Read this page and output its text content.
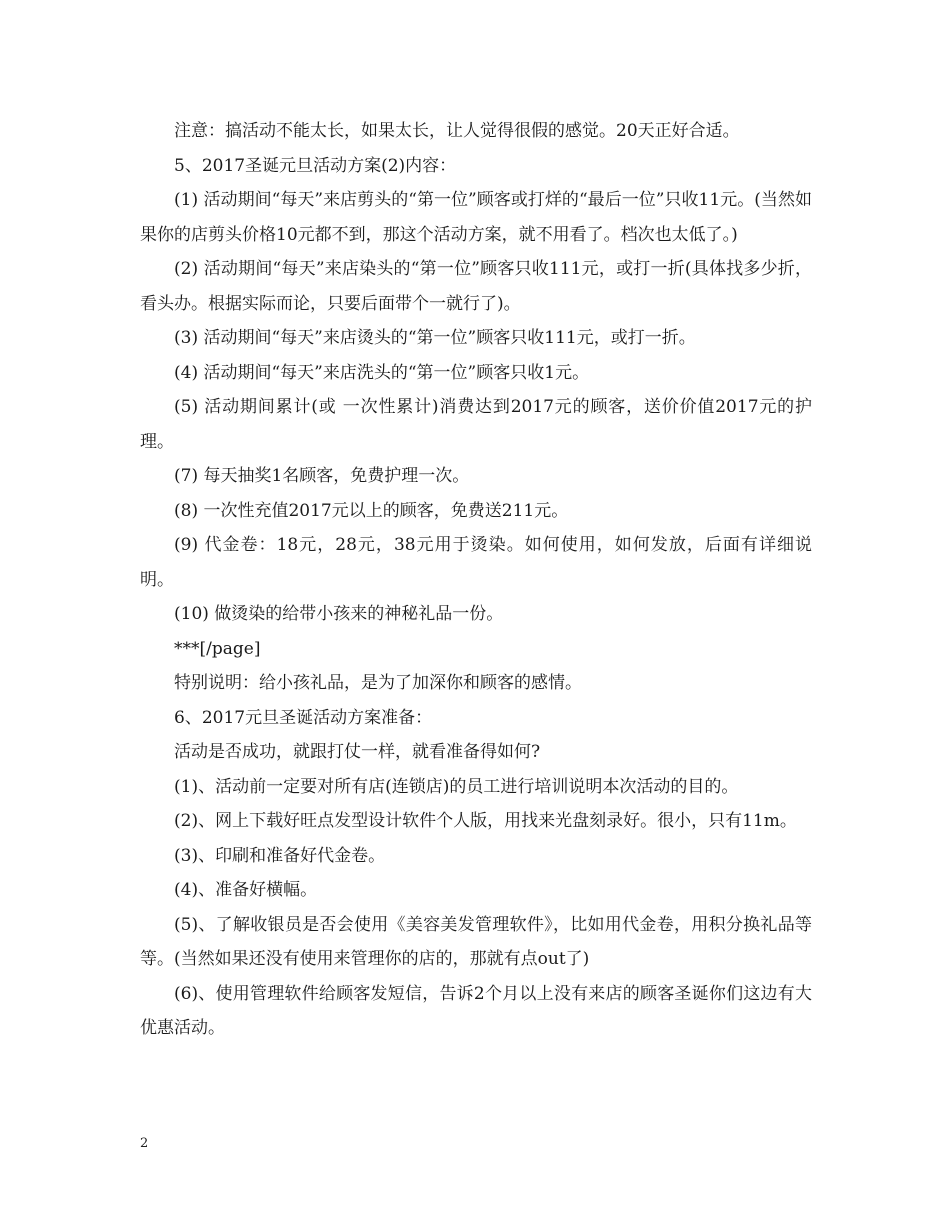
注意：搞活动不能太长，如果太长，让人觉得很假的感觉。20天正好合适。

5、2017圣诞元旦活动方案(2)内容：

(1) 活动期间“每天”来店剪头的“第一位”顾客或打烊的“最后一位”只收11元。(当然如果你的店剪头价格10元都不到，那这个活动方案，就不用看了。档次也太低了。)

(2) 活动期间“每天”来店染头的“第一位”顾客只收111元，或打一折(具体找多少折，看头办。根据实际而论，只要后面带个一就行了)。

(3) 活动期间“每天”来店烫头的“第一位”顾客只收111元，或打一折。

(4) 活动期间“每天”来店洗头的“第一位”顾客只收1元。

(5) 活动期间累计(或 一次性累计)消费达到2017元的顾客，送价价值2017元的护理。

(7) 每天抽奖1名顾客，免费护理一次。

(8) 一次性充值2017元以上的顾客，免费送211元。

(9) 代金卷：18元，28元，38元用于烫染。如何使用，如何发放，后面有详细说明。

(10) 做烫染的给带小孩来的神秘礼品一份。

***[/page]

特别说明：给小孩礼品，是为了加深你和顾客的感情。

6、2017元旦圣诞活动方案准备：

活动是否成功，就跟打仗一样，就看准备得如何?

(1)、活动前一定要对所有店(连锁店)的员工进行培训说明本次活动的目的。

(2)、网上下载好旺点发型设计软件个人版，用找来光盘刻录好。很小，只有11m。

(3)、印刷和准备好代金卷。

(4)、准备好横幅。

(5)、了解收银员是否会使用《美容美发管理软件》，比如用代金卷，用积分换礼品等等。(当然如果还没有使用来管理你的店的，那就有点out了)

(6)、使用管理软件给顾客发短信，告诉2个月以上没有来店的顾客圣诞你们这边有大优惠活动。

2
